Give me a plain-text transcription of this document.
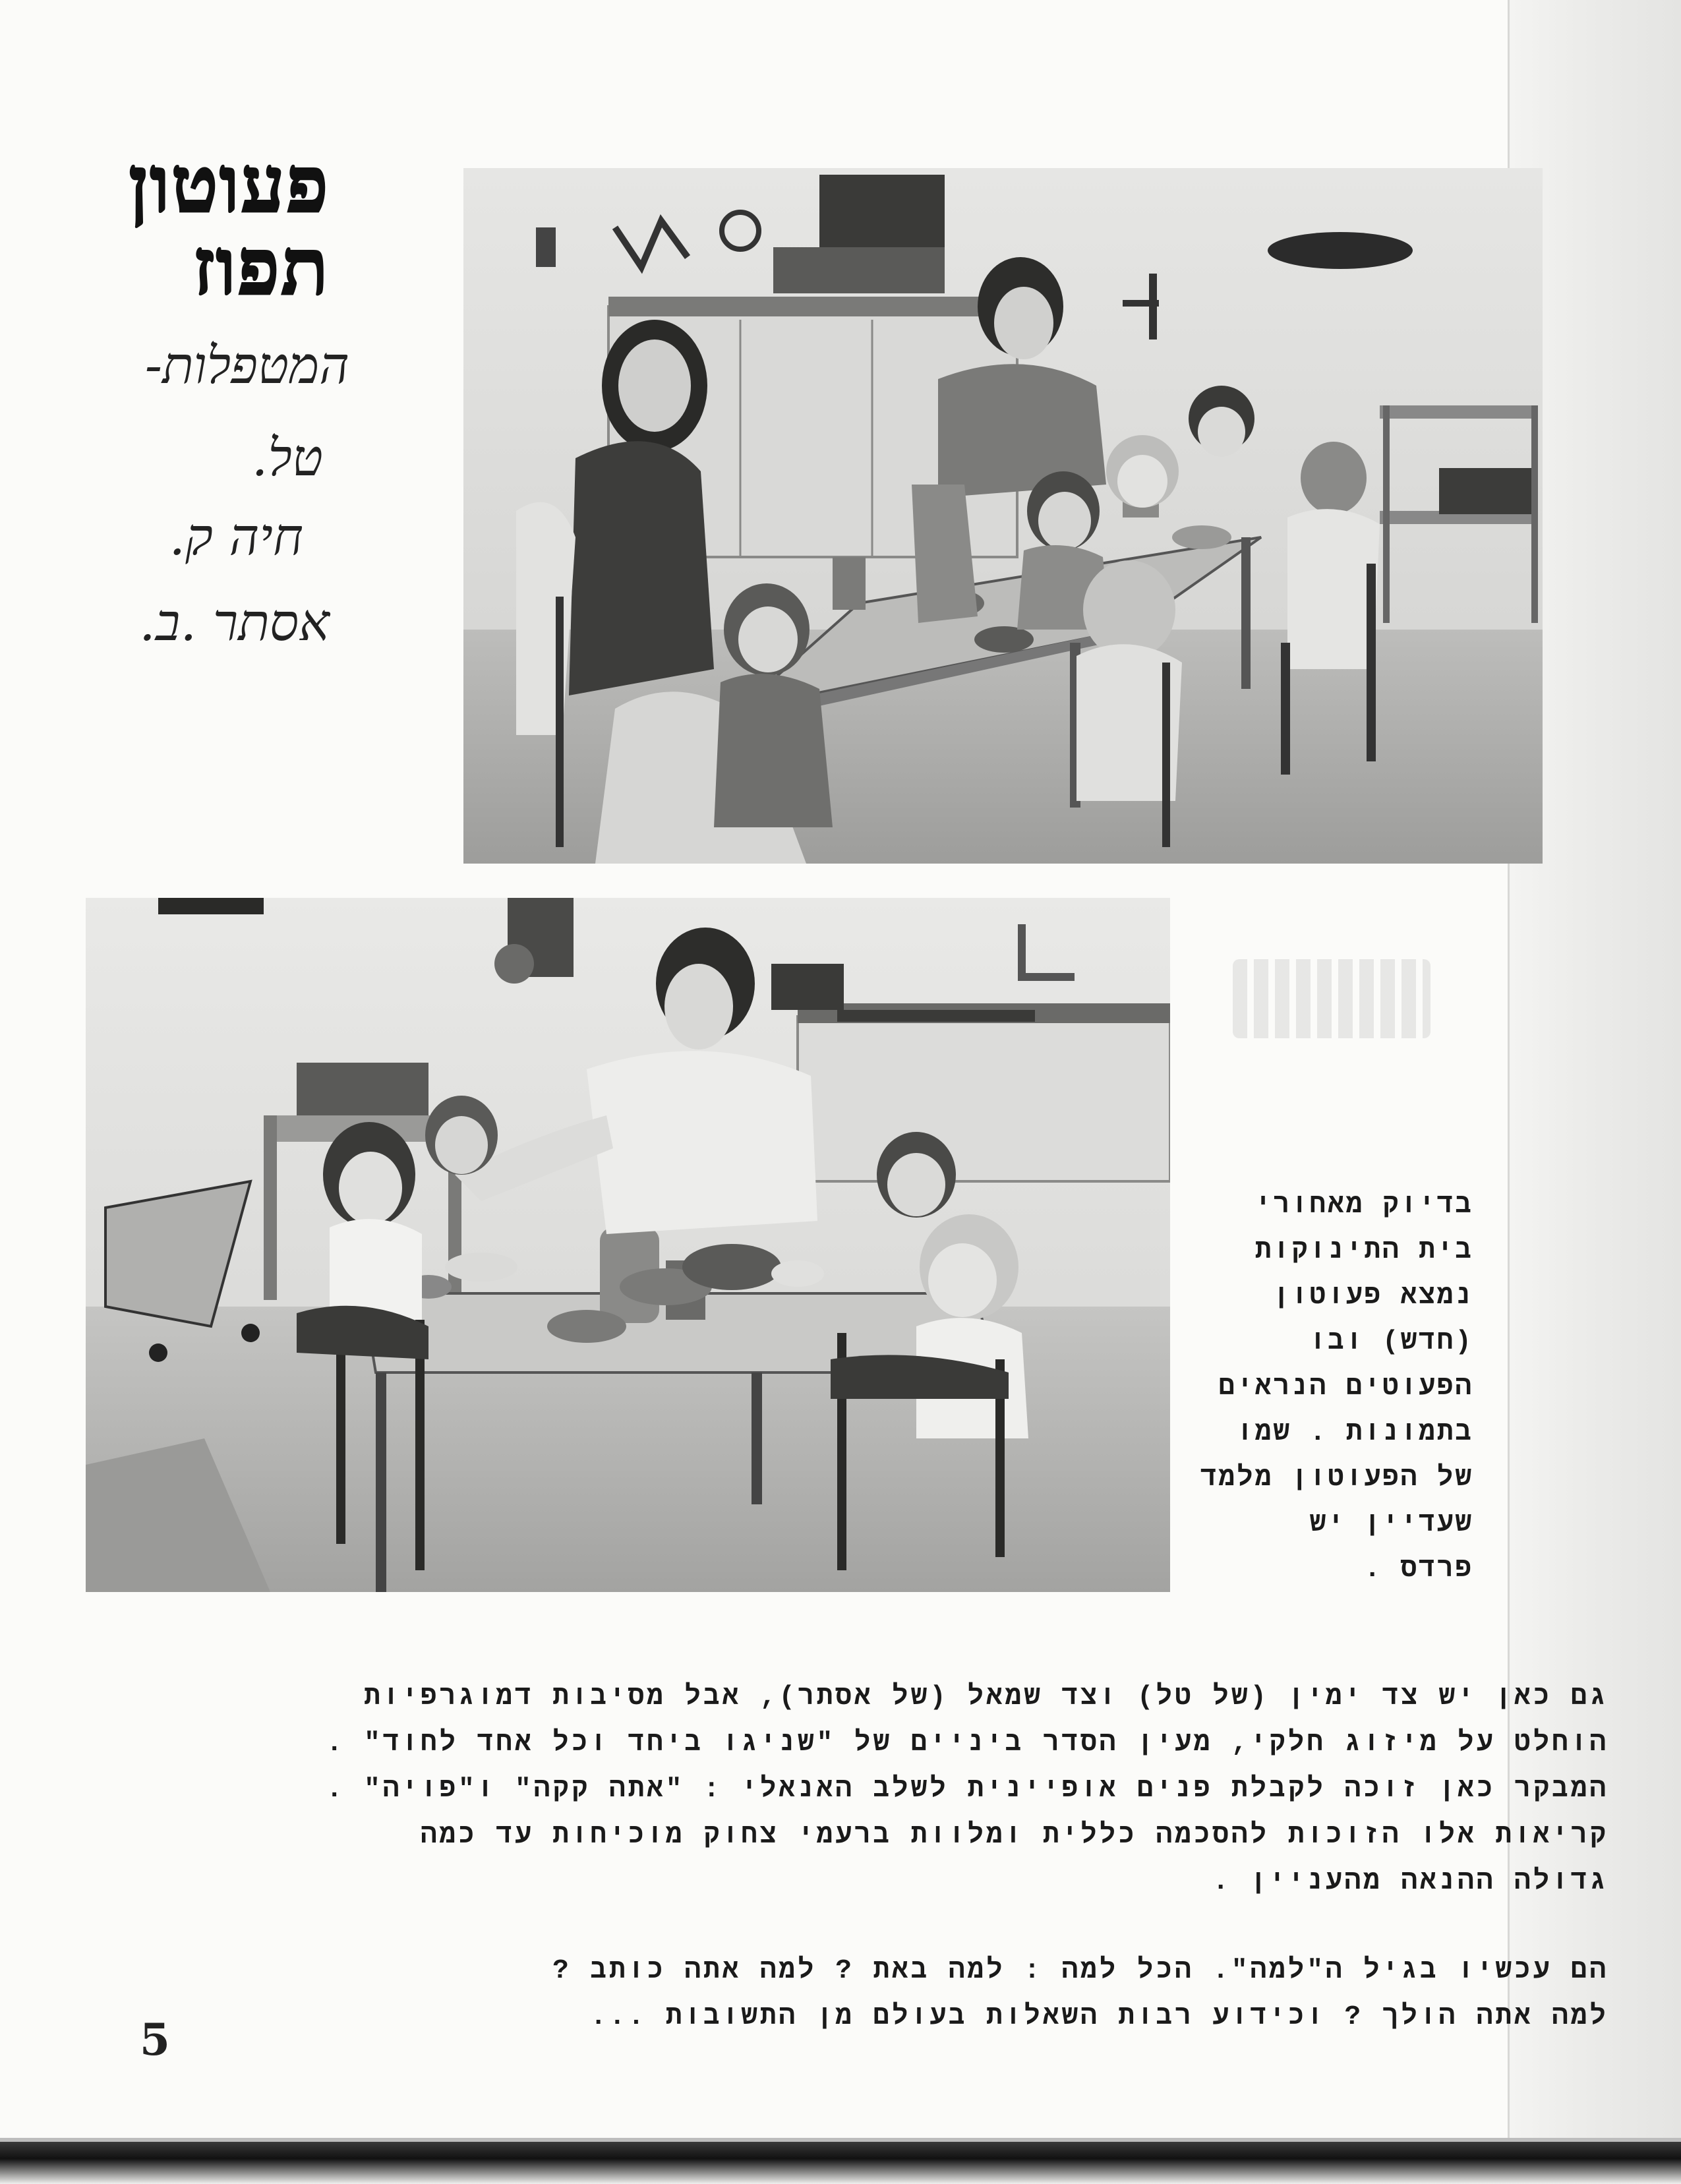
פעוטון
תפוז
המטפלות-
טל.
חיה ק.
אסתר .ב.
בדיוק מאחורי
בית התינוקות
נמצא פעוטון
(חדש) ובו
הפעוטים הנראים
בתמונות . שמו
של הפעוטון מלמד
שעדיין יש
פרדס .
גם כאן יש צד ימין (של טל) וצד שמאל (של אסתר), אבל מסיבות דמוגרפיות
הוחלט על מיזוג חלקי, מעין הסדר ביניים של "שניגו ביחד וכל אחד לחוד" .
המבקר כאן זוכה לקבלת פנים אופיינית לשלב האנאלי : "אתה קקה" ו"פויה" .
קריאות אלו הזוכות להסכמה כללית ומלוות ברעמי צחוק מוכיחות עד כמה
גדולה ההנאה מהעניין .
הם עכשיו בגיל ה"למה". הכל למה : למה באת ? למה אתה כותב ?
למה אתה הולך ? וכידוע רבות השאלות בעולם מן התשובות ...
5
